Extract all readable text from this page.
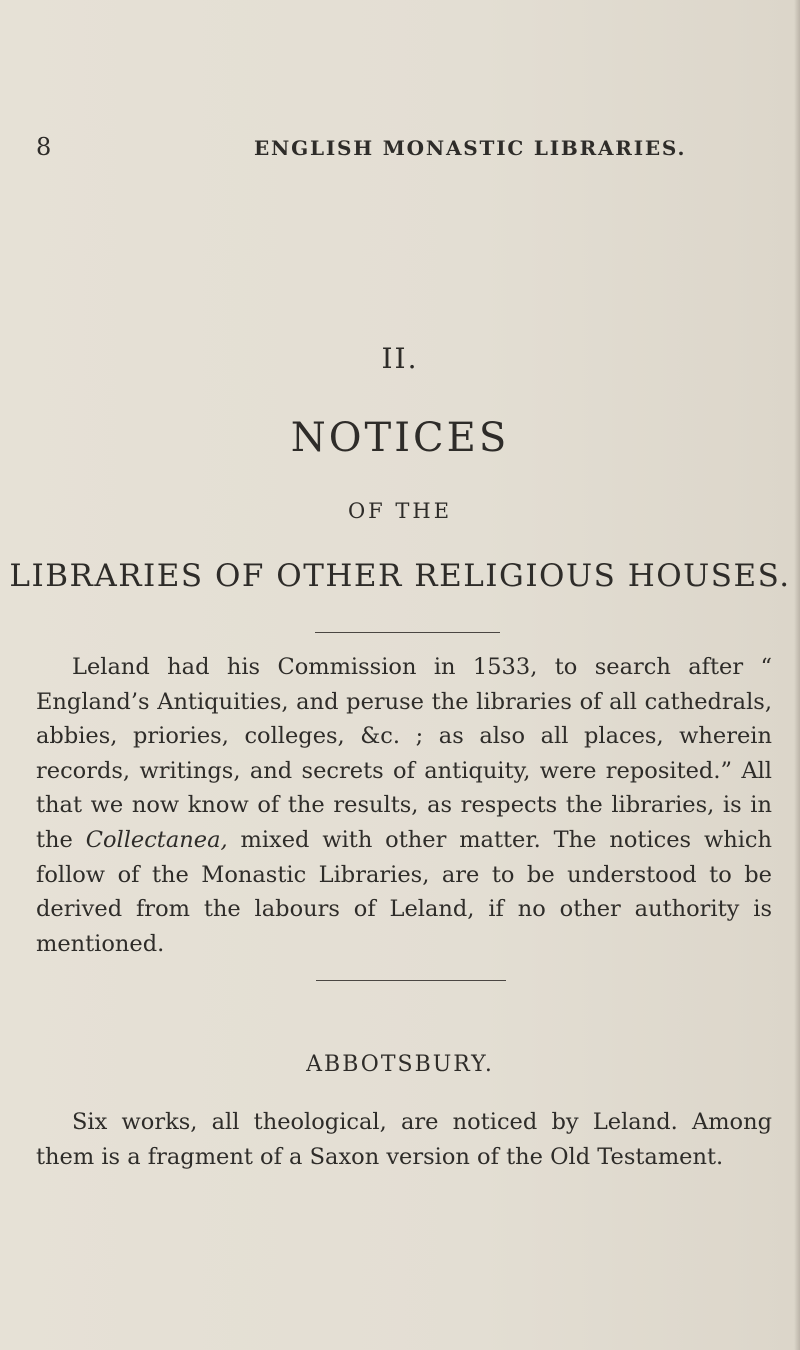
8	ENGLISH MONASTIC LIBRARIES.
II.
NOTICES
OF THE
LIBRARIES OF OTHER RELIGIOUS HOUSES.

Leland had his Commission in 1533, to search after “ England’s Antiquities, and peruse the libraries of all cathedrals, abbies, priories, colleges, &c. ; as also all places, wherein records, writings, and secrets of antiquity, were reposited.” All that we now know of the results, as respects the libraries, is in the Collectanea, mixed with other matter. The notices which follow of the Monastic Libraries, are to be understood to be derived from the labours of Leland, if no other authority is mentioned.

ABBOTSBURY.

Six works, all theological, are noticed by Leland. Among them is a fragment of a Saxon version of the Old Testament.
